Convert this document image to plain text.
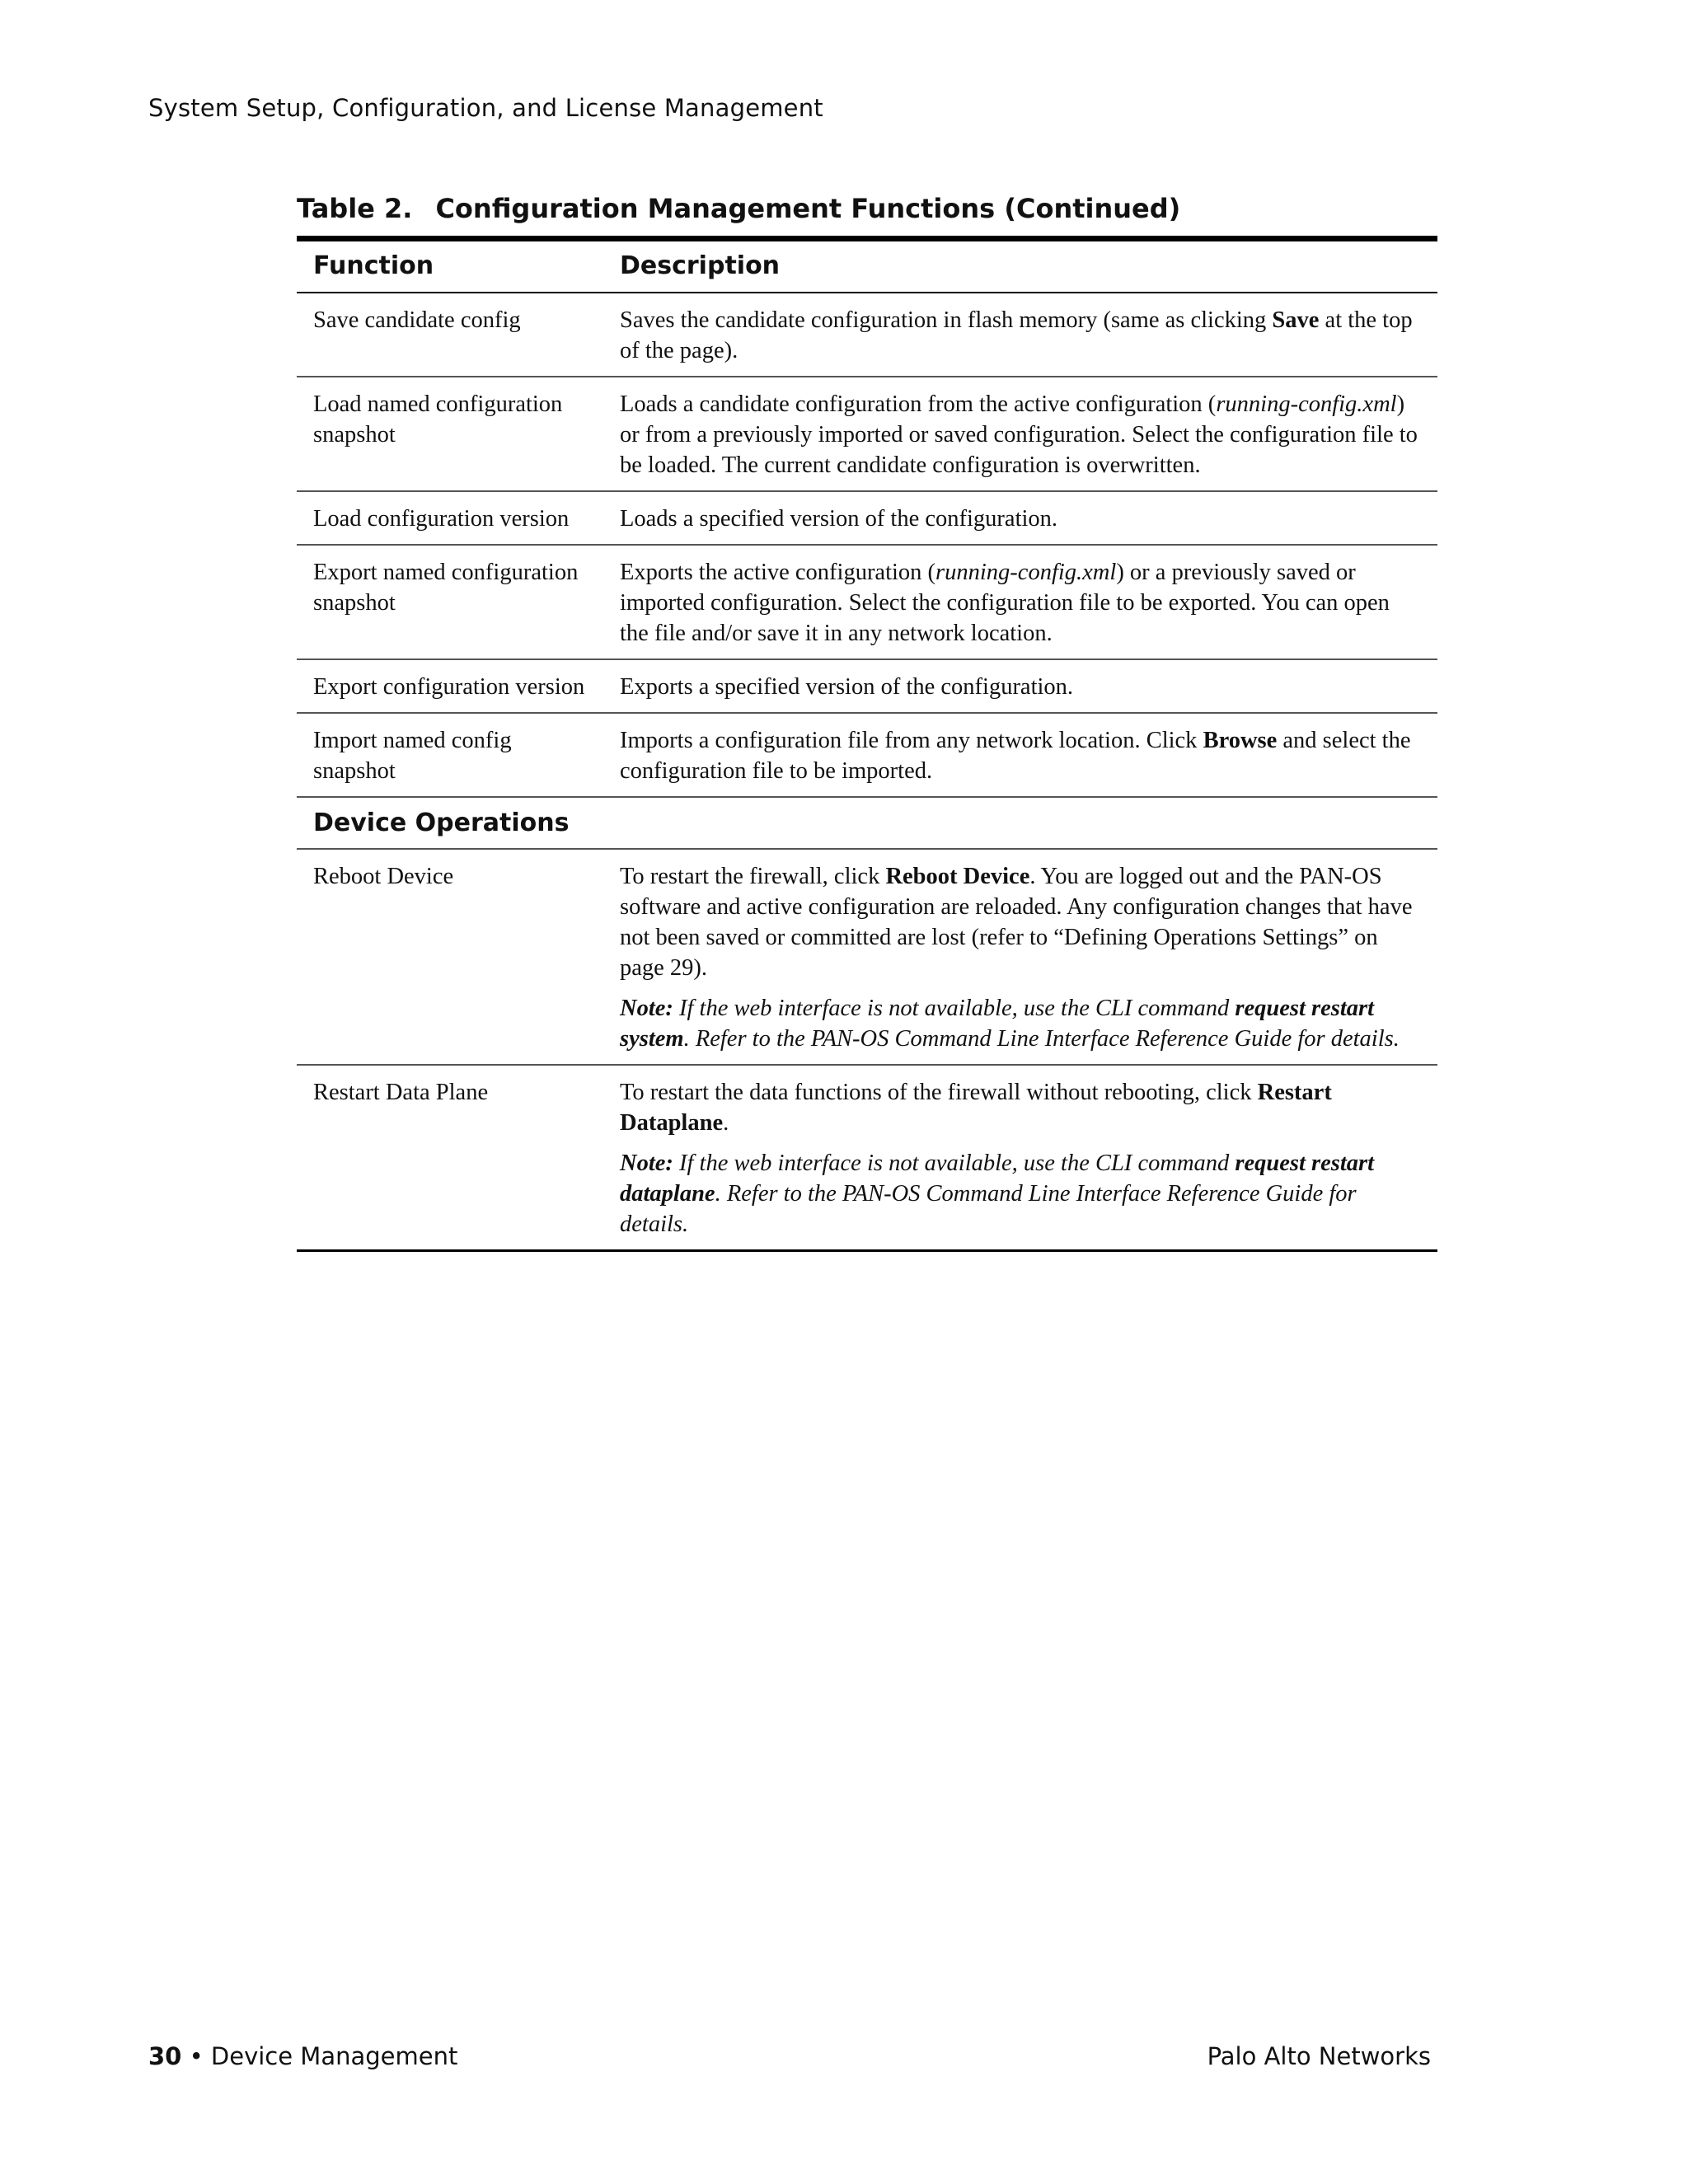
System Setup, Configuration, and License Management
Table 2. Configuration Management Functions (Continued)
Function	Description
Save candidate config	Saves the candidate configuration in flash memory (same as clicking Save at the top of the page).

Load named configuration snapshot	Loads a candidate configuration from the active configuration (running-config.xml) or from a previously imported or saved configuration. Select the configuration file to be loaded. The current candidate configuration is overwritten.

Load configuration version	Loads a specified version of the configuration.

Export named configuration snapshot	Exports the active configuration (running-config.xml) or a previously saved or imported configuration. Select the configuration file to be exported. You can open the file and/or save it in any network location.

Export configuration version	Exports a specified version of the configuration.

Import named config snapshot	Imports a configuration file from any network location. Click Browse and select the configuration file to be imported.

Device Operations	
Reboot Device	To restart the firewall, click Reboot Device. You are logged out and the PAN-OS software and active configuration are reloaded. Any configuration changes that have not been saved or committed are lost (refer to “Defining Operations Settings” on page 29).

Note: If the web interface is not available, use the CLI command request restart system. Refer to the PAN-OS Command Line Interface Reference Guide for details.

Restart Data Plane	To restart the data functions of the firewall without rebooting, click Restart Dataplane.

Note: If the web interface is not available, use the CLI command request restart dataplane. Refer to the PAN-OS Command Line Interface Reference Guide for details.

30 • Device Management	Palo Alto Networks
